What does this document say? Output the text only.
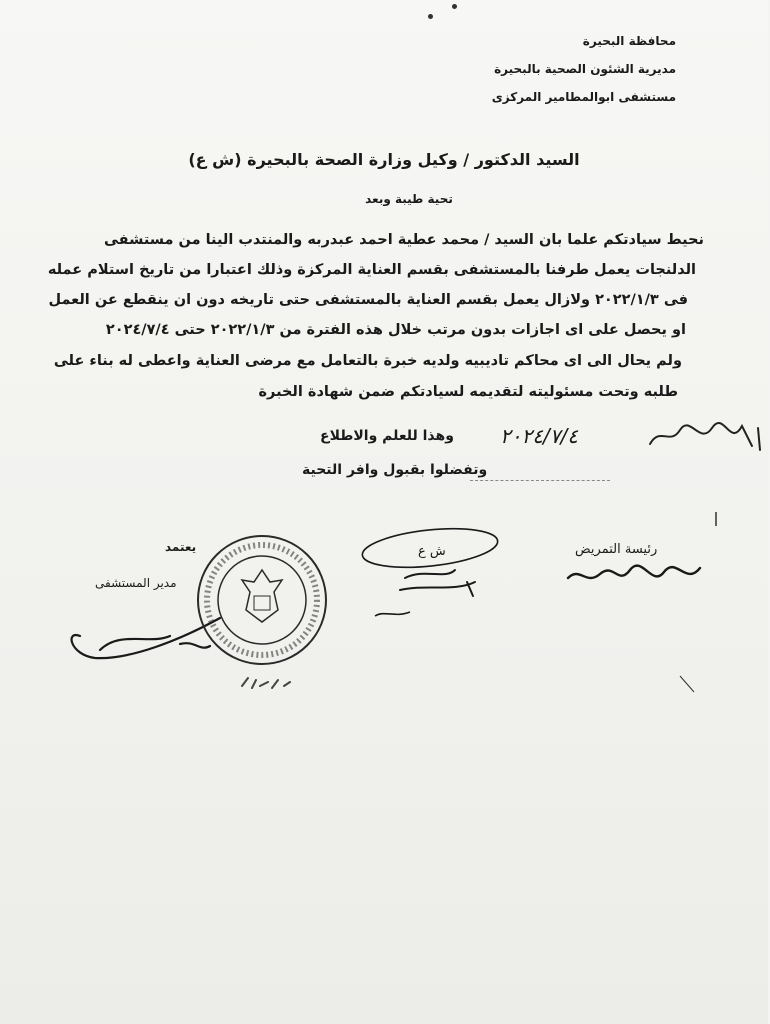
محافظة البحيرة
مديرية الشئون الصحية بالبحيرة
مستشفى ابوالمطامير المركزى
السيد الدكتور / وكيل وزارة الصحة بالبحيرة (ش ع)
تحية طيبة وبعد
نحيط سيادتكم علما بان السيد / محمد عطية احمد عبدربه والمنتدب الينا من مستشفى
الدلنجات يعمل طرفنا بالمستشفى بقسم العناية المركزة وذلك اعتبارا من تاريخ استلام عمله
فى ٢٠٢٢/١/٣ ولازال يعمل بقسم العناية بالمستشفى حتى تاريخه دون ان ينقطع عن العمل
او يحصل على اى اجازات بدون مرتب خلال هذه الفترة من ٢٠٢٢/١/٣ حتى ٢٠٢٤/٧/٤
ولم يحال الى اى محاكم تاديبيه ولديه خبرة بالتعامل مع مرضى العناية واعطى له بناء على
طلبه وتحت مسئوليته لتقديمه لسيادتكم ضمن شهادة الخبرة
وهذا للعلم والاطلاع
وتفضلوا بقبول وافر التحية
٢٠٢٤/٧/٤
يعتمد
مدير المستشفى
رئيسة التمريض
ش ع
